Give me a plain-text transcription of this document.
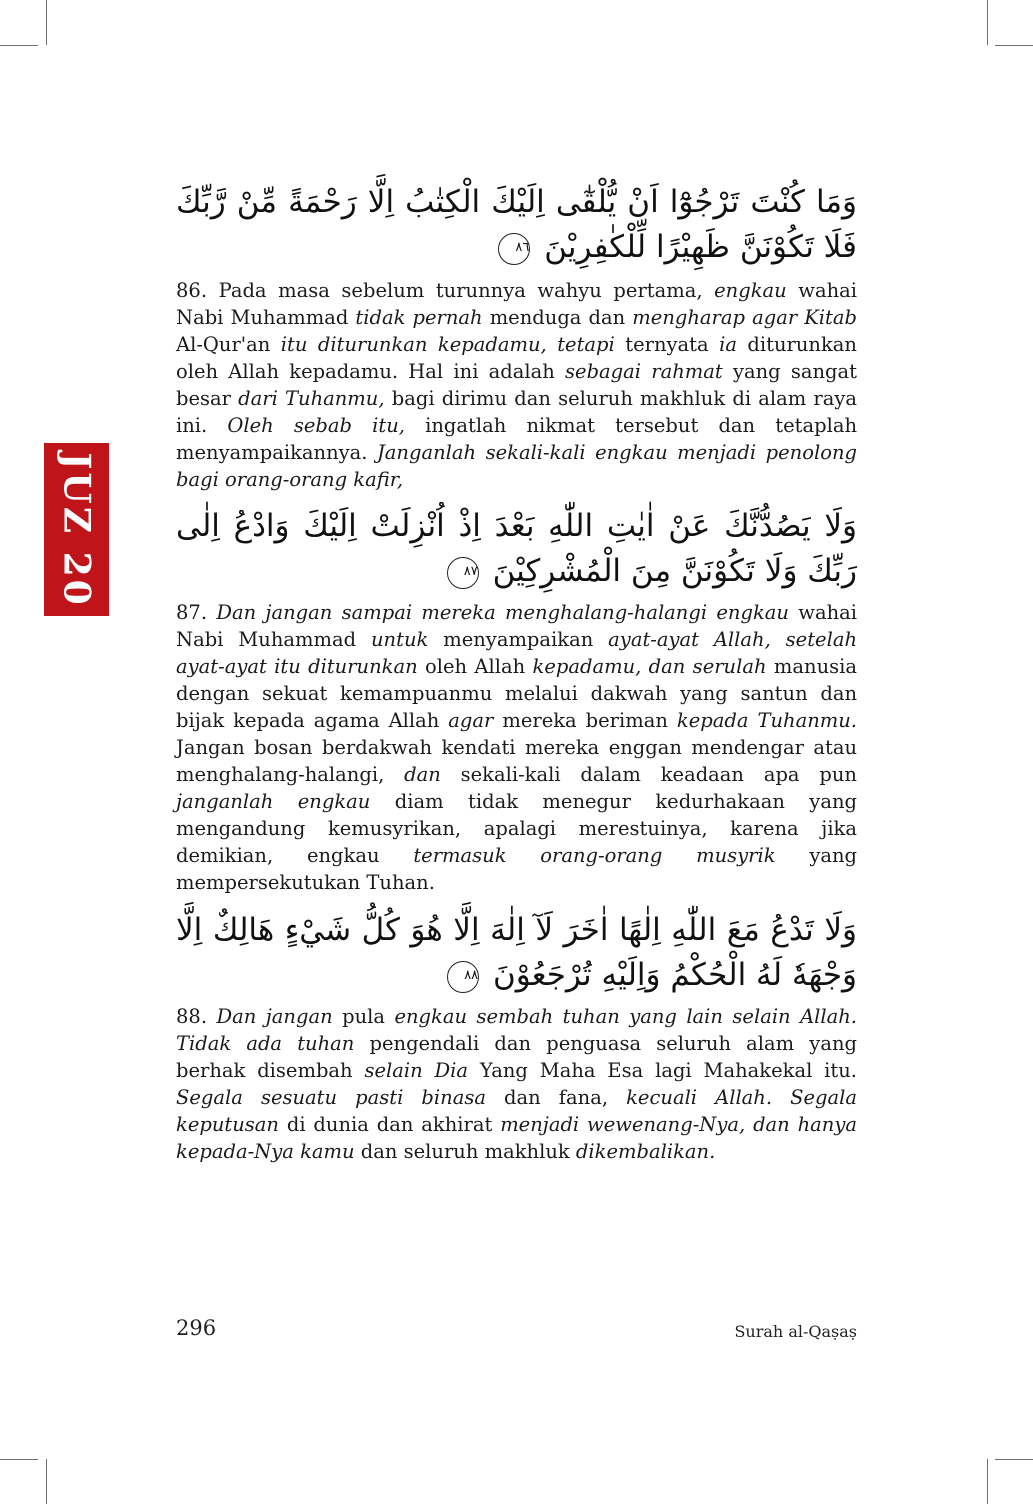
JUZ 20

وَمَا كُنْتَ تَرْجُوْٓا اَنْ يُّلْقٰٓى اِلَيْكَ الْكِتٰبُ اِلَّا رَحْمَةً مِّنْ رَّبِّكَ فَلَا تَكُوْنَنَّ ظَهِيْرًا لِّلْكٰفِرِيْنَ ٨٦

86. Pada masa sebelum turunnya wahyu pertama, engkau wahai Nabi Muhammad tidak pernah menduga dan mengharap agar Kitab Al-Qur'an itu diturunkan kepadamu, tetapi ternyata ia diturunkan oleh Allah kepadamu. Hal ini adalah sebagai rahmat yang sangat besar dari Tuhanmu, bagi dirimu dan seluruh makhluk di alam raya ini. Oleh sebab itu, ingatlah nikmat tersebut dan tetaplah menyampaikannya. Janganlah sekali-kali engkau menjadi penolong bagi orang-orang kafir,

وَلَا يَصُدُّنَّكَ عَنْ اٰيٰتِ اللّٰهِ بَعْدَ اِذْ اُنْزِلَتْ اِلَيْكَ وَادْعُ اِلٰى رَبِّكَ وَلَا تَكُوْنَنَّ مِنَ الْمُشْرِكِيْنَ ٨٧

87. Dan jangan sampai mereka menghalang-halangi engkau wahai Nabi Muhammad untuk menyampaikan ayat-ayat Allah, setelah ayat-ayat itu diturunkan oleh Allah kepadamu, dan serulah manusia dengan sekuat kemampuanmu melalui dakwah yang santun dan bijak kepada agama Allah agar mereka beriman kepada Tuhanmu. Jangan bosan berdakwah kendati mereka enggan mendengar atau menghalang-halangi, dan sekali-kali dalam keadaan apa pun janganlah engkau diam tidak menegur kedurhakaan yang mengandung kemusyrikan, apalagi merestuinya, karena jika demikian, engkau termasuk orang-orang musyrik yang mempersekutukan Tuhan.

وَلَا تَدْعُ مَعَ اللّٰهِ اِلٰهًا اٰخَرَ لَآ اِلٰهَ اِلَّا هُوَ كُلُّ شَيْءٍ هَالِكٌ اِلَّا وَجْهَهٗ لَهُ الْحُكْمُ وَاِلَيْهِ تُرْجَعُوْنَ ٨٨

88. Dan jangan pula engkau sembah tuhan yang lain selain Allah. Tidak ada tuhan pengendali dan penguasa seluruh alam yang berhak disembah selain Dia Yang Maha Esa lagi Mahakekal itu. Segala sesuatu pasti binasa dan fana, kecuali Allah. Segala keputusan di dunia dan akhirat menjadi wewenang-Nya, dan hanya kepada-Nya kamu dan seluruh makhluk dikembalikan.

296	Surah al-Qaṣaṣ
